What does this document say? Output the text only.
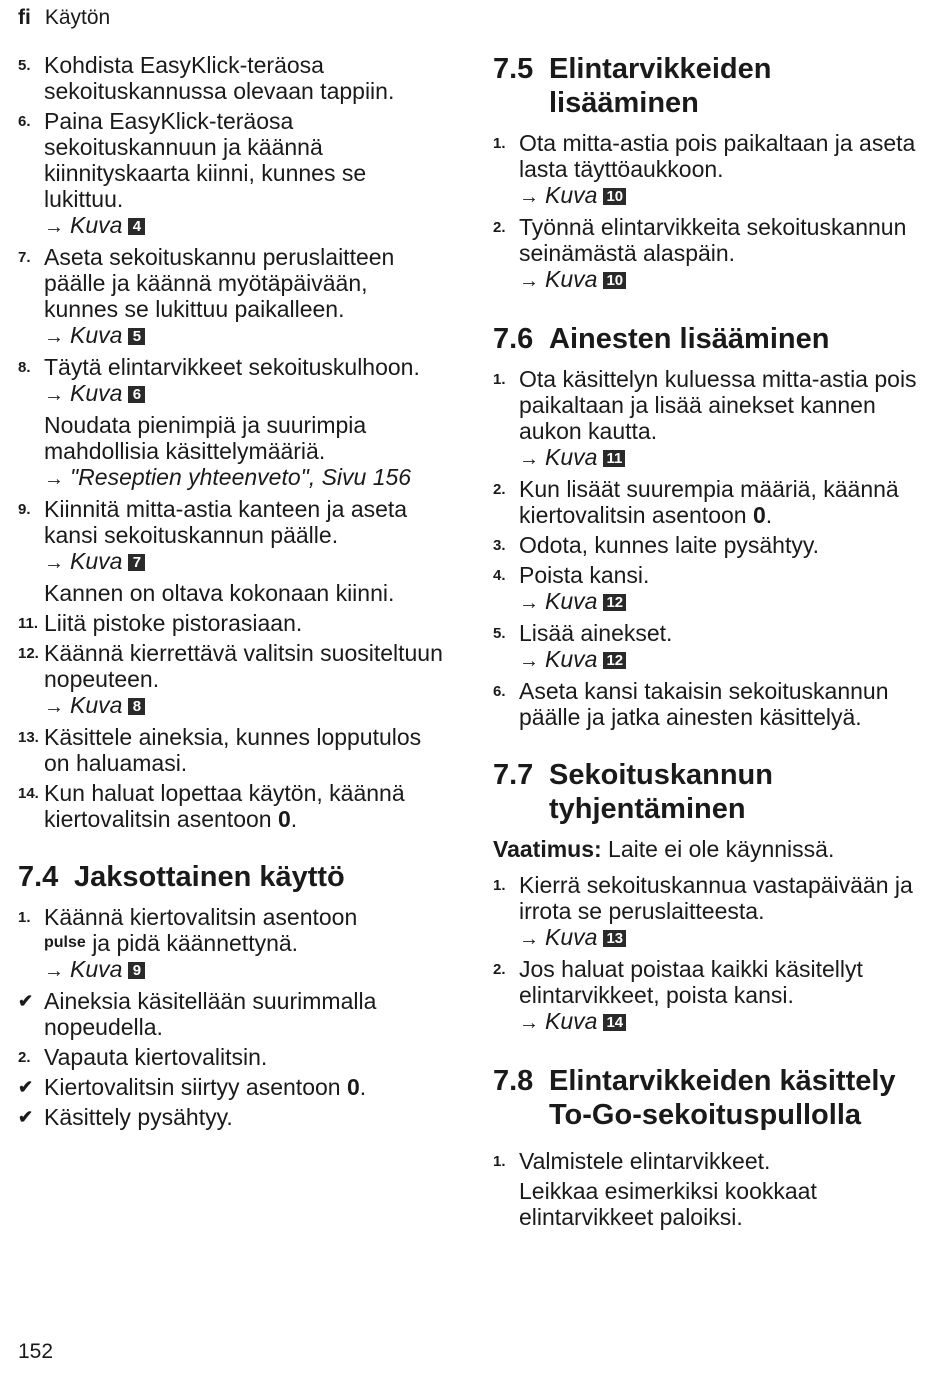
fi Käytön
5. Kohdista EasyKlick-teräosa sekoituskannussa olevaan tappiin.
6. Paina EasyKlick-teräosa sekoituskannuun ja käännä kiinnityskaarta kiinni, kunnes se lukittuu.
→ Kuva 4
7. Aseta sekoituskannu peruslaitteen päälle ja käännä myötäpäivään, kunnes se lukittuu paikalleen.
→ Kuva 5
8. Täytä elintarvikkeet sekoituskulhoon.
→ Kuva 6
Noudata pienimpiä ja suurimpia mahdollisia käsittelymääriä.
→ "Reseptien yhteenveto", Sivu 156
9. Kiinnitä mitta-astia kanteen ja aseta kansi sekoituskannun päälle.
→ Kuva 7
Kannen on oltava kokonaan kiinni.
11. Liitä pistoke pistorasiaan.
12. Käännä kierrettävä valitsin suositeltuun nopeuteen.
→ Kuva 8
13. Käsittele aineksia, kunnes lopputulos on haluamasi.
14. Kun haluat lopettaa käytön, käännä kiertovalitsin asentoon 0.
7.4 Jaksottainen käyttö
1. Käännä kiertovalitsin asentoon
pulse ja pidä käännettynä.
→ Kuva 9
✔ Aineksia käsitellään suurimmalla nopeudella.
2. Vapauta kiertovalitsin.
✔ Kiertovalitsin siirtyy asentoon 0.
✔ Käsittely pysähtyy.
7.5 Elintarvikkeiden lisääminen
1. Ota mitta-astia pois paikaltaan ja aseta lasta täyttöaukkoon.
→ Kuva 10
2. Työnnä elintarvikkeita sekoituskannun seinämästä alaspäin.
→ Kuva 10
7.6 Ainesten lisääminen
1. Ota käsittelyn kuluessa mitta-astia pois paikaltaan ja lisää ainekset kannen aukon kautta.
→ Kuva 11
2. Kun lisäät suurempia määriä, käännä kiertovalitsin asentoon 0.
3. Odota, kunnes laite pysähtyy.
4. Poista kansi.
→ Kuva 12
5. Lisää ainekset.
→ Kuva 12
6. Aseta kansi takaisin sekoituskannun päälle ja jatka ainesten käsittelyä.
7.7 Sekoituskannun tyhjentäminen
Vaatimus: Laite ei ole käynnissä.
1. Kierrä sekoituskannua vastapäivään ja irrota se peruslaitteesta.
→ Kuva 13
2. Jos haluat poistaa kaikki käsitellyt elintarvikkeet, poista kansi.
→ Kuva 14
7.8 Elintarvikkeiden käsittely To-Go-sekoituspullolla
1. Valmistele elintarvikkeet.
Leikkaa esimerkiksi kookkaat elintarvikkeet paloiksi.
152
